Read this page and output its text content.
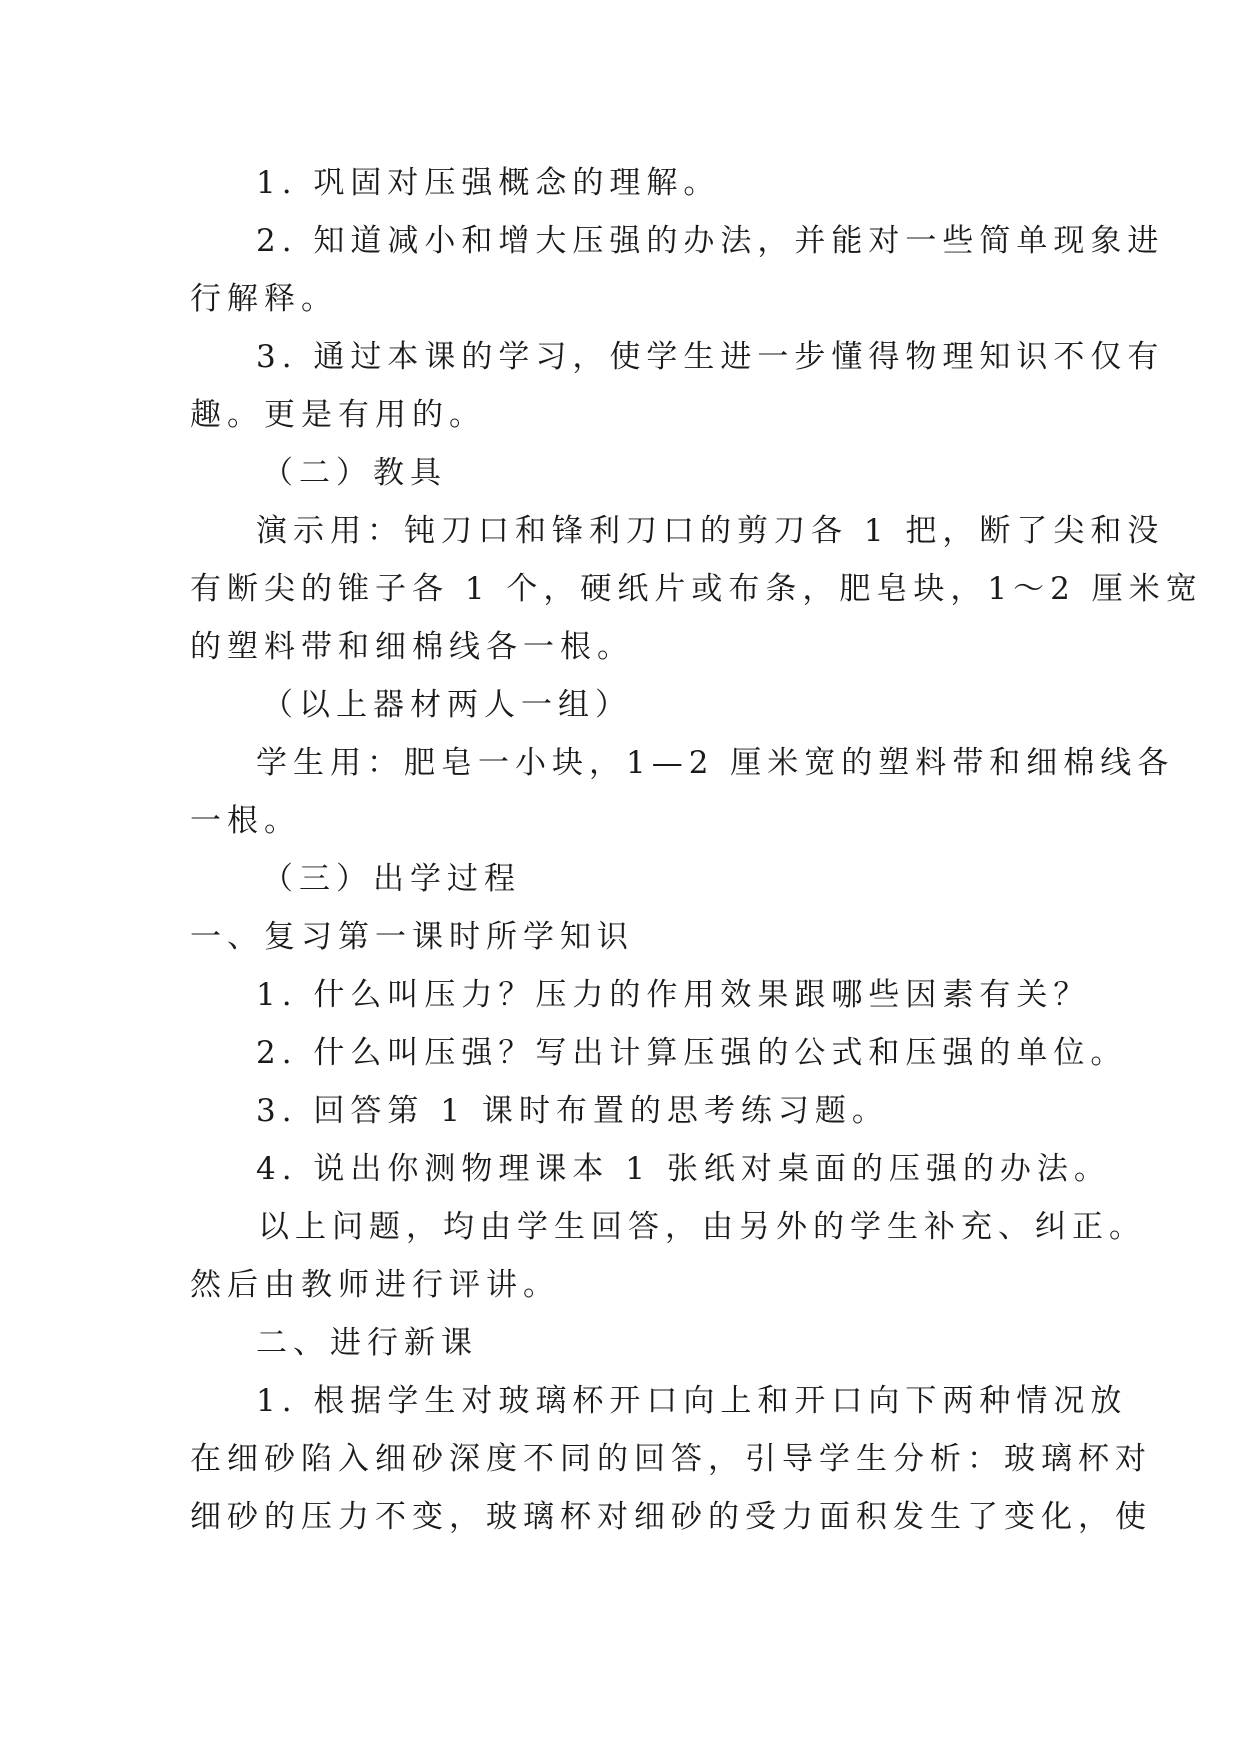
1. 巩固对压强概念的理解。
2. 知道减小和增大压强的办法，并能对一些简单现象进
行解释。
3. 通过本课的学习，使学生进一步懂得物理知识不仅有
趣。更是有用的。
（二）教具
演示用：钝刀口和锋利刀口的剪刀各 1 把，断了尖和没
有断尖的锥子各 1 个，硬纸片或布条，肥皂块，1～2 厘米宽
的塑料带和细棉线各一根。
（以上器材两人一组）
学生用：肥皂一小块，1—2 厘米宽的塑料带和细棉线各
一根。
（三）出学过程
一、复习第一课时所学知识
1. 什么叫压力？压力的作用效果跟哪些因素有关？
2. 什么叫压强？写出计算压强的公式和压强的单位。
3. 回答第 1 课时布置的思考练习题。
4. 说出你测物理课本 1 张纸对桌面的压强的办法。
以上问题，均由学生回答，由另外的学生补充、纠正。
然后由教师进行评讲。
二、进行新课
1. 根据学生对玻璃杯开口向上和开口向下两种情况放
在细砂陷入细砂深度不同的回答，引导学生分析：玻璃杯对
细砂的压力不变，玻璃杯对细砂的受力面积发生了变化，使
